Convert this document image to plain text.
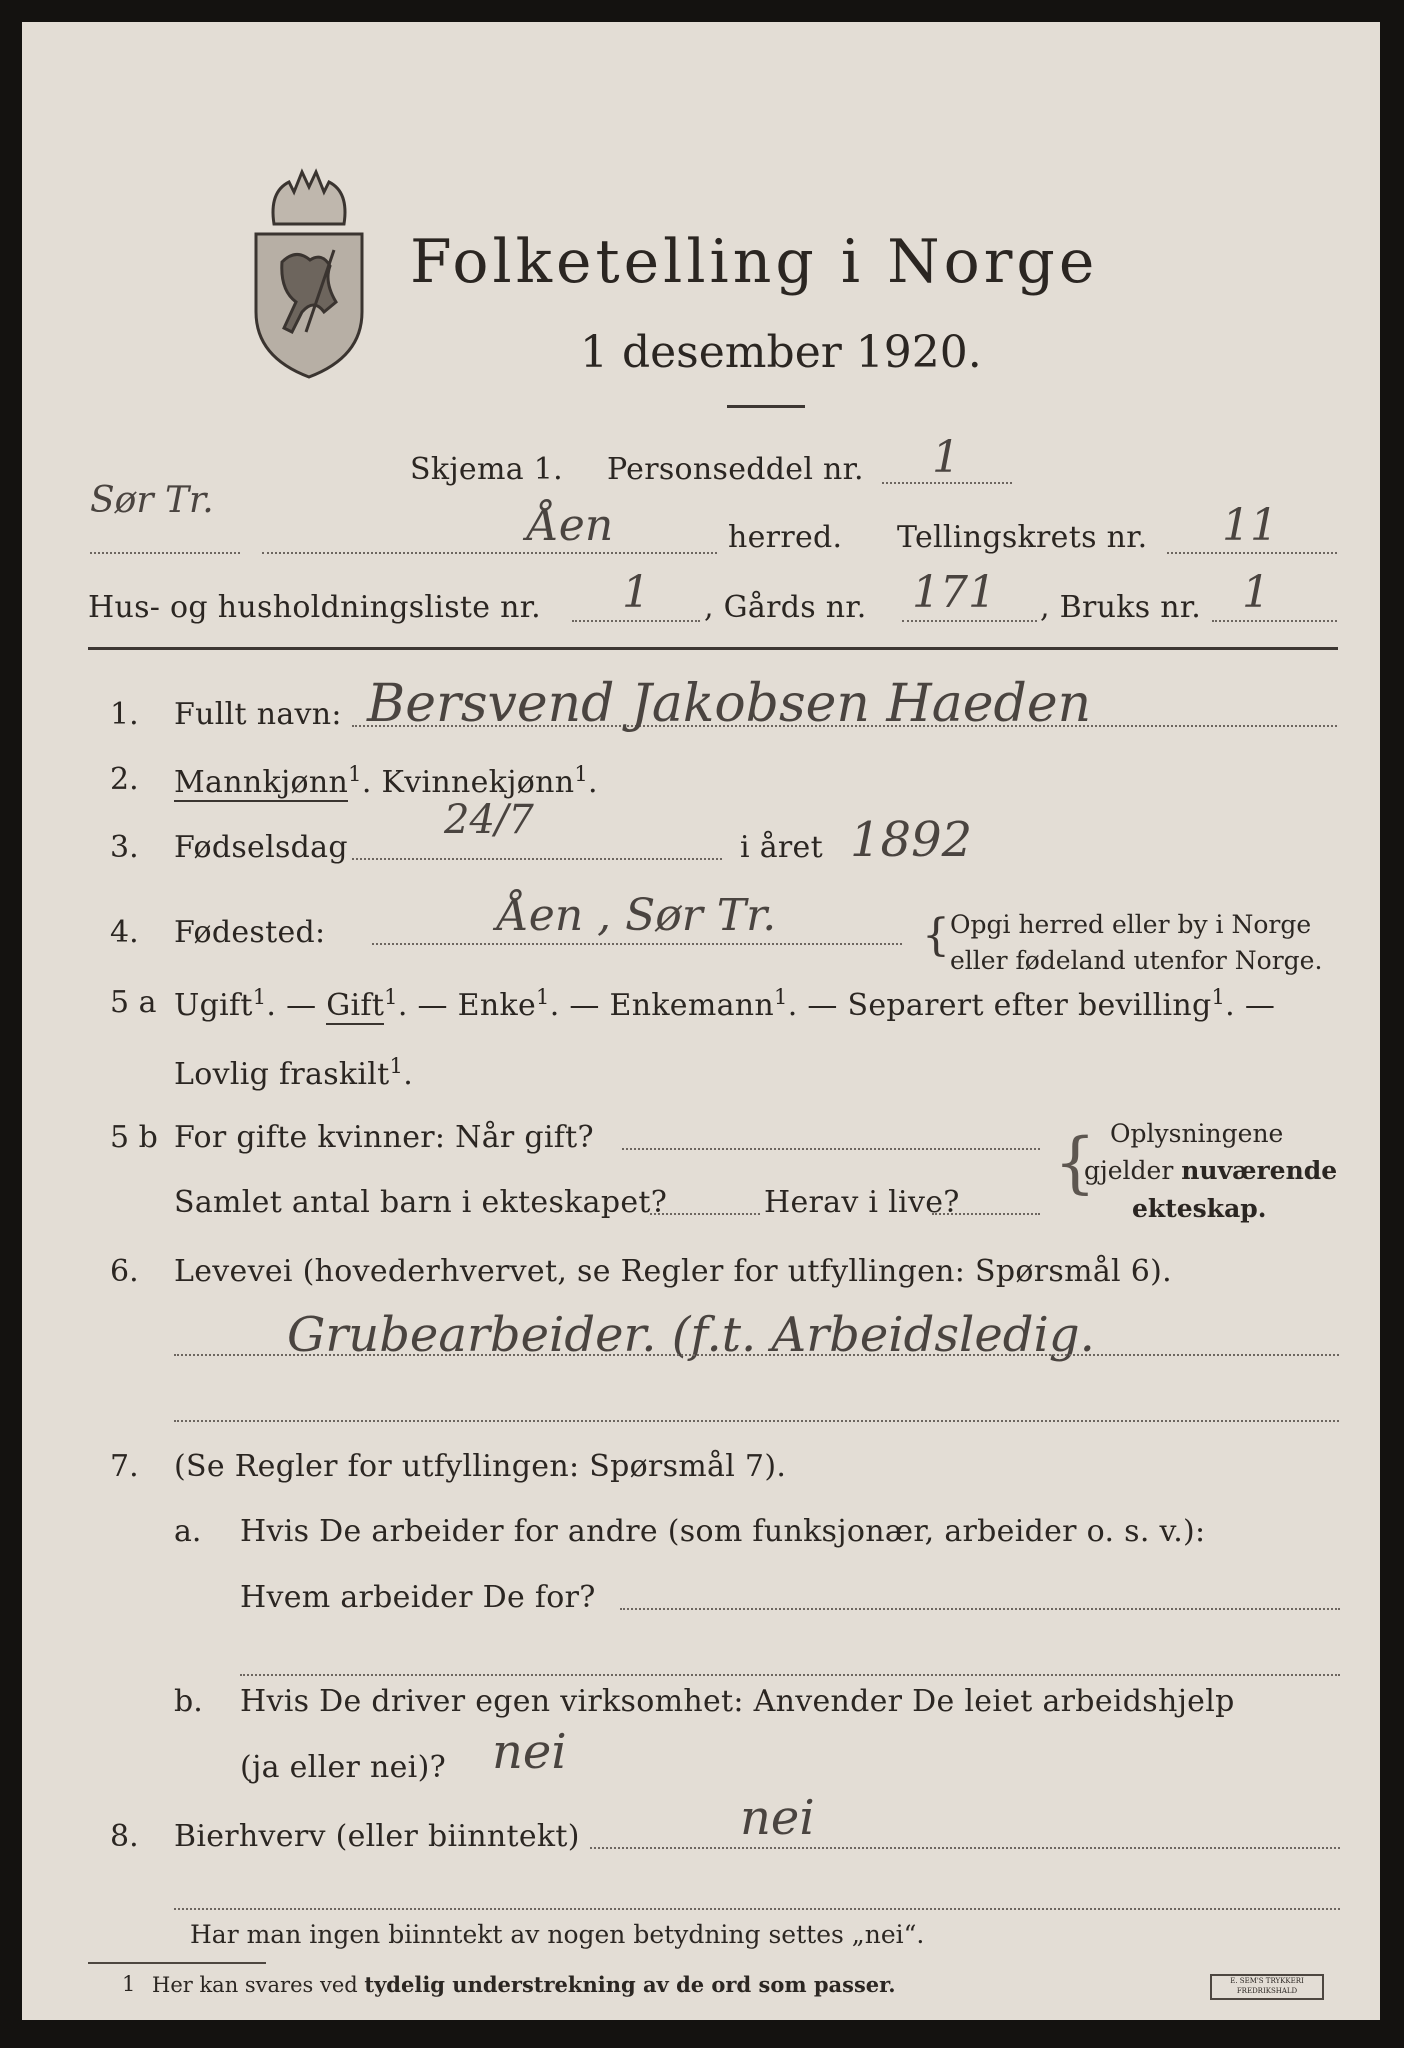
Folketelling i Norge
1 desember 1920.
Skjema 1. Personseddel nr. 1
Sør Tr.	Åen	herred. Tellingskrets nr. 11
Hus- og husholdningsliste nr. 1 , Gårds nr. 171 , Bruks nr. 1
1. Fullt navn: Bersvend Jakobsen Haeden
2. Mannkjønn$^1$. Kvinnekjønn$^1$.
3. Fødselsdag
24/7
i året 1892
4. Fødested:	Åen , Sør Tr.	{ Opgi herred eller by i Norge
eller fødeland utenfor Norge.
5 a Ugift$^1$. — Gift$^1$. — Enke$^1$. — Enkemann$^1$. — Separert efter bevilling$^1$. —
Lovlig fraskilt$^1$.
5 b For gifte kvinner: Når gift?
Samlet antal barn i ekteskapet?	Herav i live?
{ Oplysningene
gjelder nuværende
ekteskap.
6. Levevei (hovederhvervet, se Regler for utfyllingen: Spørsmål 6).
Grubearbeider. (f.t. Arbeidsledig.
7. (Se Regler for utfyllingen: Spørsmål 7).
a. Hvis De arbeider for andre (som funksjonær, arbeider o. s. v.):
Hvem arbeider De for?
b. Hvis De driver egen virksomhet: Anvender De leiet arbeidshjelp
(ja eller nei)? nei
8. Bierhverv (eller biinntekt)	nei
Har man ingen biinntekt av nogen betydning settes „nei“.
1 Her kan svares ved tydelig understrekning av de ord som passer.	E. SEM'S TRYKKERI FREDRIKSHALD
